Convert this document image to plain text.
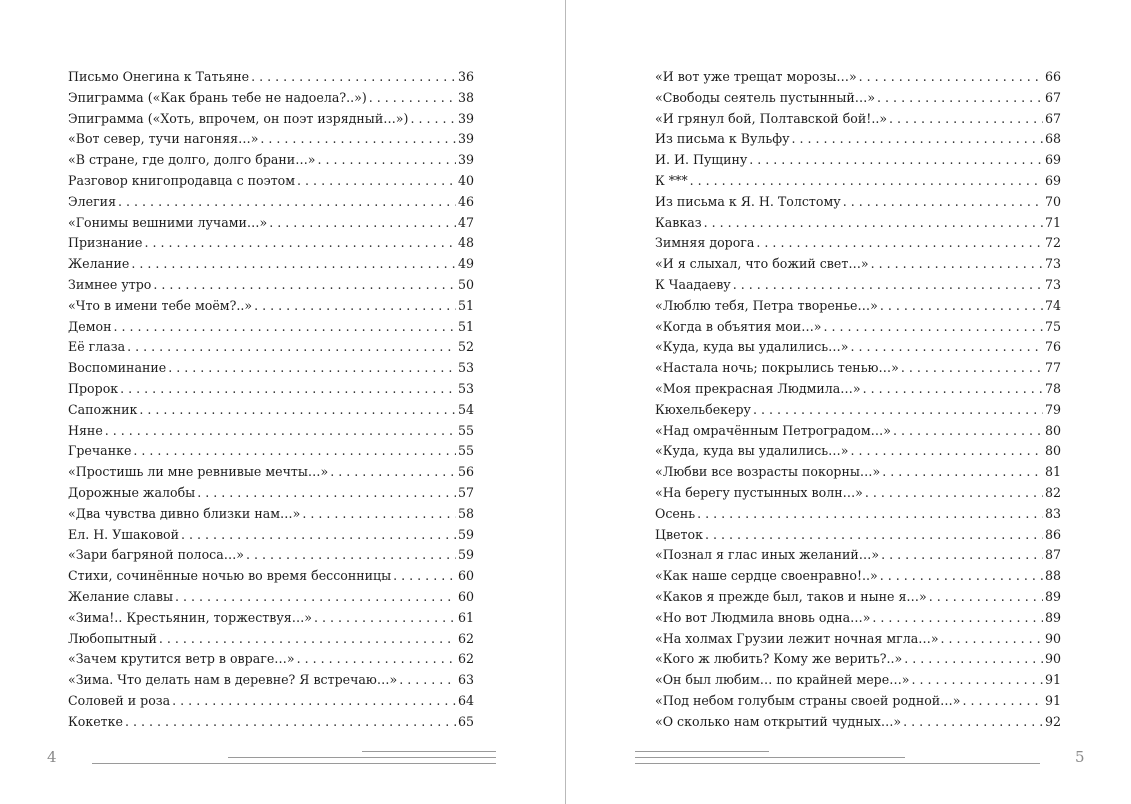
Письмо Онегина к Татьяне . . .	36
Эпиграмма («Как брань тебе не надоела?..») . . .	38
Эпиграмма («Хоть, впрочем, он поэт изрядный…») . . .	39
«Вот север, тучи нагоняя…» . . .	39
«В стране, где долго, долго брани…» . . .	39
Разговор книгопродавца с поэтом . . .	40
Элегия . . .	46
«Гонимы вешними лучами…» . . .	47
Признание . . .	48
Желание . . .	49
Зимнее утро . . .	50
«Что в имени тебе моём?..» . . .	51
Демон . . .	51
Её глаза . . .	52
Воспоминание . . .	53
Пророк . . .	53
Сапожник . . .	54
Няне . . .	55
Гречанке . . .	55
«Простишь ли мне ревнивые мечты…» . . .	56
Дорожные жалобы . . .	57
«Два чувства дивно близки нам…» . . .	58
Ел. Н. Ушаковой . . .	59
«Зари багряной полоса…» . . .	59
Стихи, сочинённые ночью во время бессонницы . . .	60
Желание славы . . .	60
«Зима!.. Крестьянин, торжествуя…» . . .	61
Любопытный . . .	62
«Зачем крутится ветр в овраге…» . . .	62
«Зима. Что делать нам в деревне? Я встречаю…» . . .	63
Соловей и роза . . .	64
Кокетке . . .	65
4
«И вот уже трещат морозы…» . . .	66
«Свободы сеятель пустынный…» . . .	67
«И грянул бой, Полтавской бой!..» . . .	67
Из письма к Вульфу . . .	68
И. И. Пущину . . .	69
К *** . . .	69
Из письма к Я. Н. Толстому . . .	70
Кавказ . . .	71
Зимняя дорога . . .	72
«И я слыхал, что божий свет…» . . .	73
К Чаадаеву . . .	73
«Люблю тебя, Петра творенье…» . . .	74
«Когда в объятия мои…» . . .	75
«Куда, куда вы удалились…» . . .	76
«Настала ночь; покрылись тенью…» . . .	77
«Моя прекрасная Людмила…» . . .	78
Кюхельбекеру . . .	79
«Над омрачённым Петроградом…» . . .	80
«Куда, куда вы удалились…» . . .	80
«Любви все возрасты покорны…» . . .	81
«На берегу пустынных волн…» . . .	82
Осень . . .	83
Цветок . . .	86
«Познал я глас иных желаний…» . . .	87
«Как наше сердце своенравно!..» . . .	88
«Каков я прежде был, таков и ныне я…» . . .	89
«Но вот Людмила вновь одна…» . . .	89
«На холмах Грузии лежит ночная мгла…» . . .	90
«Кого ж любить? Кому же верить?..» . . .	90
«Он был любим… по крайней мере…» . . .	91
«Под небом голубым страны своей родной…» . . .	91
«О сколько нам открытий чудных…» . . .	92
5
